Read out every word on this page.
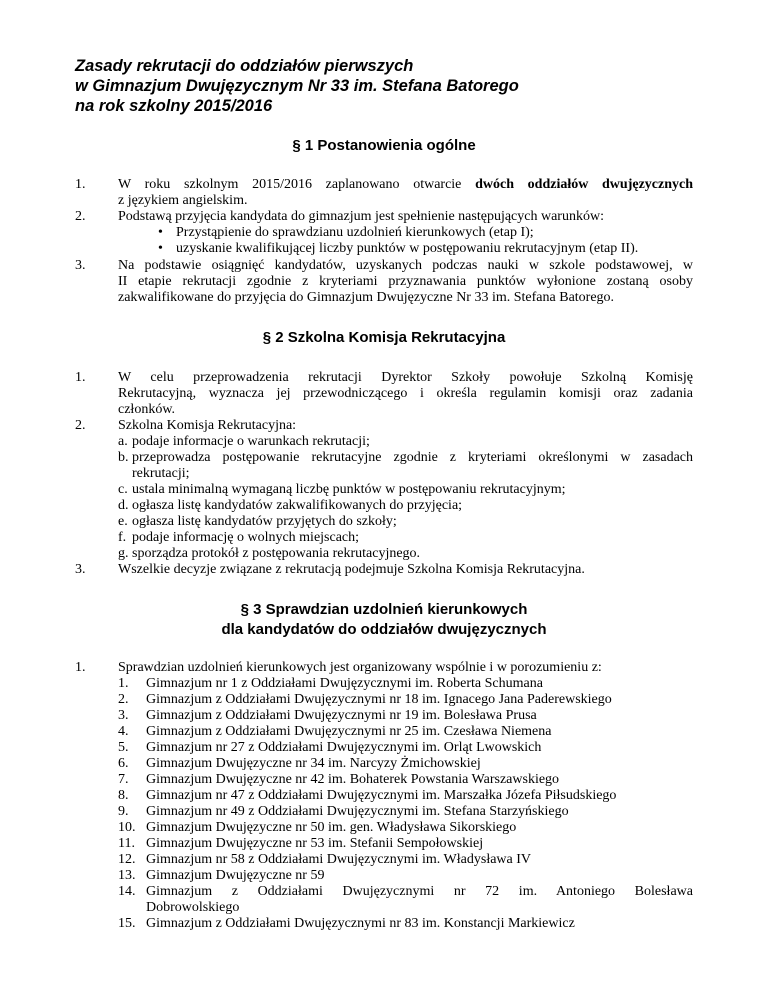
Zasady rekrutacji do oddziałów pierwszych
w Gimnazjum Dwujęzycznym Nr 33 im. Stefana Batorego
na rok szkolny 2015/2016
§ 1 Postanowienia ogólne
1. W roku szkolnym 2015/2016 zaplanowano otwarcie dwóch oddziałów dwujęzycznych
z językiem angielskim.
2. Podstawą przyjęcia kandydata do gimnazjum jest spełnienie następujących warunków:
• Przystąpienie do sprawdzianu uzdolnień kierunkowych (etap I);
• uzyskanie kwalifikującej liczby punktów w postępowaniu rekrutacyjnym (etap II).
3. Na podstawie osiągnięć kandydatów, uzyskanych podczas nauki w szkole podstawowej, w
II etapie rekrutacji zgodnie z kryteriami przyznawania punktów wyłonione zostaną osoby
zakwalifikowane do przyjęcia do Gimnazjum Dwujęzyczne Nr 33 im. Stefana Batorego.
§ 2 Szkolna Komisja Rekrutacyjna
1. W celu przeprowadzenia rekrutacji Dyrektor Szkoły powołuje Szkolną Komisję
Rekrutacyjną, wyznacza jej przewodniczącego i określa regulamin komisji oraz zadania
członków.
2. Szkolna Komisja Rekrutacyjna:
a. podaje informacje o warunkach rekrutacji;
b. przeprowadza postępowanie rekrutacyjne zgodnie z kryteriami określonymi w zasadach
rekrutacji;
c. ustala minimalną wymaganą liczbę punktów w postępowaniu rekrutacyjnym;
d. ogłasza listę kandydatów zakwalifikowanych do przyjęcia;
e. ogłasza listę kandydatów przyjętych do szkoły;
f. podaje informację o wolnych miejscach;
g. sporządza protokół z postępowania rekrutacyjnego.
3. Wszelkie decyzje związane z rekrutacją podejmuje Szkolna Komisja Rekrutacyjna.
§ 3 Sprawdzian uzdolnień kierunkowych
dla kandydatów do oddziałów dwujęzycznych
1. Sprawdzian uzdolnień kierunkowych jest organizowany wspólnie i w porozumieniu z:
1.	Gimnazjum nr 1 z Oddziałami Dwujęzycznymi im. Roberta Schumana
2.	Gimnazjum z Oddziałami Dwujęzycznymi nr 18 im. Ignacego Jana Paderewskiego
3.	Gimnazjum z Oddziałami Dwujęzycznymi nr 19 im. Bolesława Prusa
4.	Gimnazjum z Oddziałami Dwujęzycznymi nr 25 im. Czesława Niemena
5.	Gimnazjum nr 27 z Oddziałami Dwujęzycznymi im. Orląt Lwowskich
6.	Gimnazjum Dwujęzyczne nr 34 im. Narcyzy Żmichowskiej
7.	Gimnazjum Dwujęzyczne nr 42 im. Bohaterek Powstania Warszawskiego
8.	Gimnazjum nr 47 z Oddziałami Dwujęzycznymi im. Marszałka Józefa Piłsudskiego
9.	Gimnazjum nr 49 z Oddziałami Dwujęzycznymi im. Stefana Starzyńskiego
10. Gimnazjum Dwujęzyczne nr 50 im. gen. Władysława Sikorskiego
11. Gimnazjum Dwujęzyczne nr 53 im. Stefanii Sempołowskiej
12. Gimnazjum nr 58 z Oddziałami Dwujęzycznymi im. Władysława IV
13. Gimnazjum Dwujęzyczne nr 59
14. Gimnazjum z Oddziałami Dwujęzycznymi nr 72 im. Antoniego Bolesława
Dobrowolskiego
15. Gimnazjum z Oddziałami Dwujęzycznymi nr 83 im. Konstancji Markiewicz
